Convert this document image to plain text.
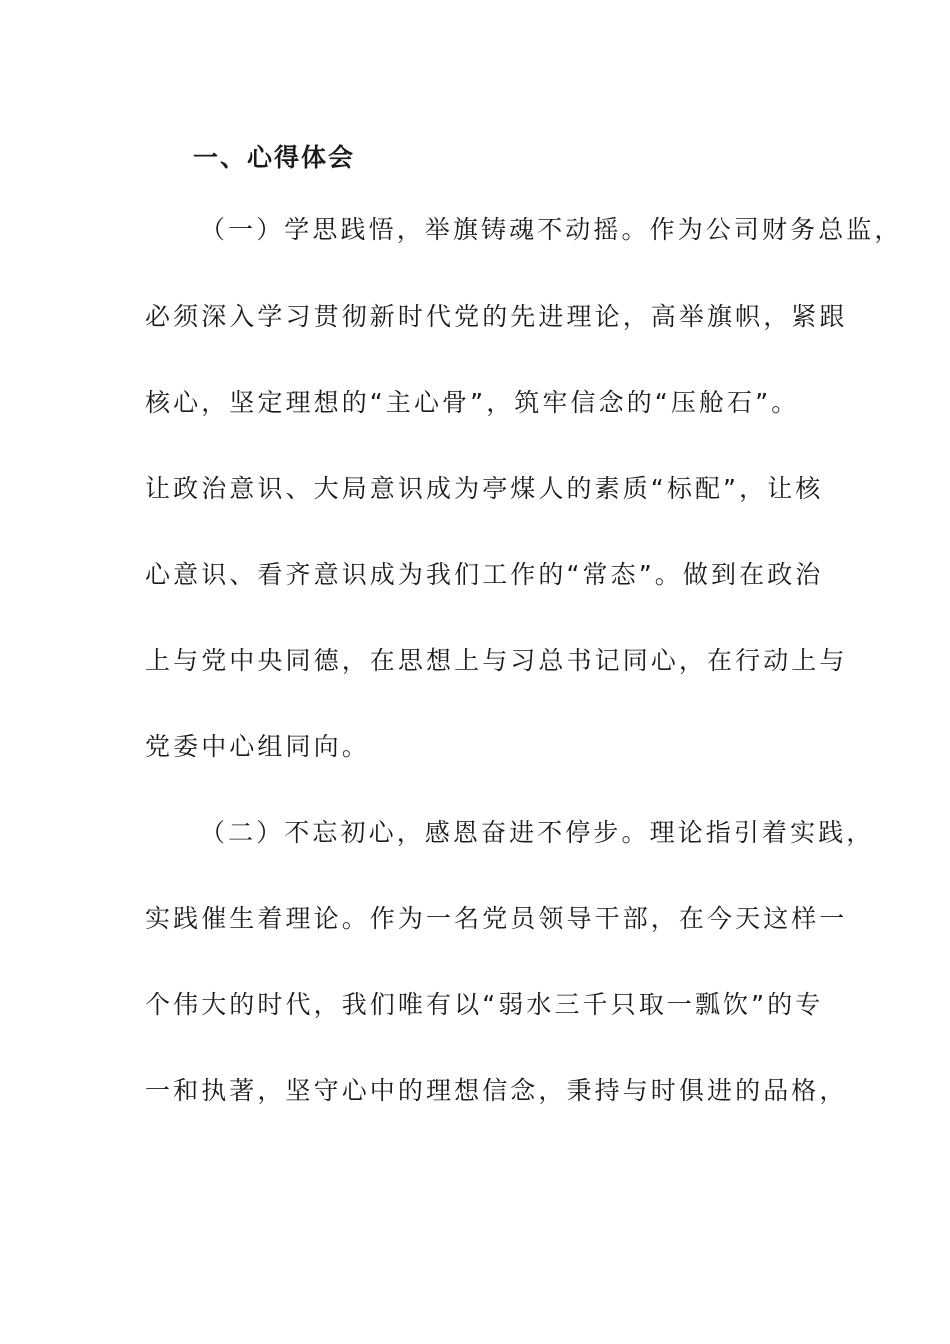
一、心得体会
（一）学思践悟，举旗铸魂不动摇。作为公司财务总监，
必须深入学习贯彻新时代党的先进理论，高举旗帜，紧跟
核心，坚定理想的“主心骨”，筑牢信念的“压舱石”。
让政治意识、大局意识成为亭煤人的素质“标配”，让核
心意识、看齐意识成为我们工作的“常态”。做到在政治
上与党中央同德，在思想上与习总书记同心，在行动上与
党委中心组同向。
（二）不忘初心，感恩奋进不停步。理论指引着实践，
实践催生着理论。作为一名党员领导干部，在今天这样一
个伟大的时代，我们唯有以“弱水三千只取一瓢饮”的专
一和执著，坚守心中的理想信念，秉持与时俱进的品格，
